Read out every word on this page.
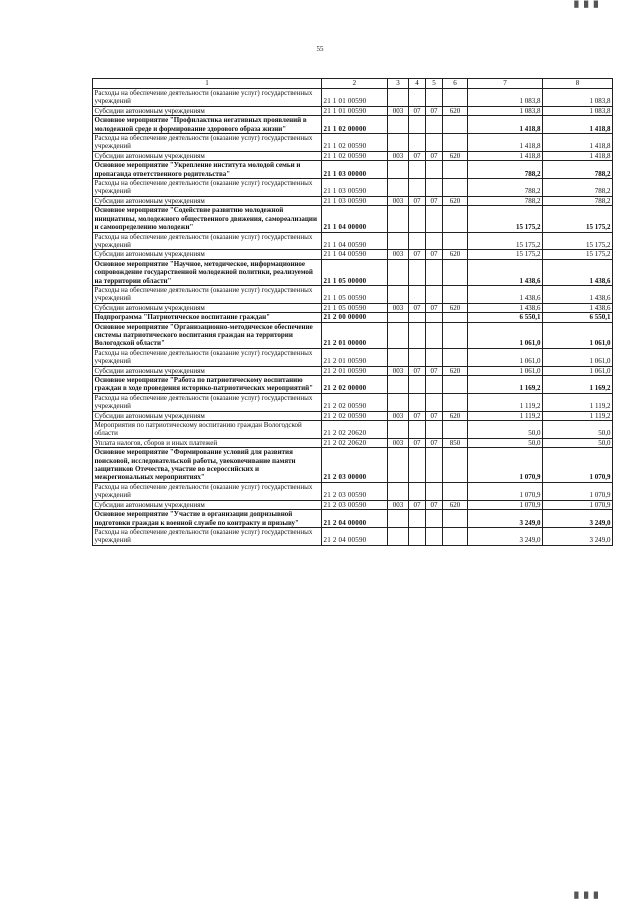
█ █ █
55
1	2	3	4	5	6	7	8
Расходы на обеспечение деятельности (оказание услуг) государственных учреждений	21 1 01 00590					1 083,8	1 083,8
Субсидии автономным учреждениям	21 1 01 00590	003	07	07	620	1 083,8	1 083,8
Основное мероприятие "Профилактика негативных проявлений в молодежной среде и формирование здорового образа жизни"	21 1 02 00000					1 418,8	1 418,8
Расходы на обеспечение деятельности (оказание услуг) государственных учреждений	21 1 02 00590					1 418,8	1 418,8
Субсидии автономным учреждениям	21 1 02 00590	003	07	07	620	1 418,8	1 418,8
Основное мероприятие "Укрепление института молодой семьи и пропаганда ответственного родительства"	21 1 03 00000					788,2	788,2
Расходы на обеспечение деятельности (оказание услуг) государственных учреждений	21 1 03 00590					788,2	788,2
Субсидии автономным учреждениям	21 1 03 00590	003	07	07	620	788,2	788,2
Основное мероприятие "Содействие развитию молодежной инициативы, молодежного общественного движения, самореализации и самоопределению молодежи"	21 1 04 00000					15 175,2	15 175,2
Расходы на обеспечение деятельности (оказание услуг) государственных учреждений	21 1 04 00590					15 175,2	15 175,2
Субсидии автономным учреждениям	21 1 04 00590	003	07	07	620	15 175,2	15 175,2
Основное мероприятие "Научное, методическое, информационное сопровождение государственной молодежной политики, реализуемой на территории области"	21 1 05 00000					1 438,6	1 438,6
Расходы на обеспечение деятельности (оказание услуг) государственных учреждений	21 1 05 00590					1 438,6	1 438,6
Субсидии автономным учреждениям	21 1 05 00590	003	07	07	620	1 438,6	1 438,6
Подпрограмма "Патриотическое воспитание граждан"	21 2 00 00000					6 550,1	6 550,1
Основное мероприятие "Организационно-методическое обеспечение системы патриотического воспитания граждан на территории Вологодской области"	21 2 01 00000					1 061,0	1 061,0
Расходы на обеспечение деятельности (оказание услуг) государственных учреждений	21 2 01 00590					1 061,0	1 061,0
Субсидии автономным учреждениям	21 2 01 00590	003	07	07	620	1 061,0	1 061,0
Основное мероприятие "Работа по патриотическому воспитанию граждан в ходе проведения историко-патриотических мероприятий"	21 2 02 00000					1 169,2	1 169,2
Расходы на обеспечение деятельности (оказание услуг) государственных учреждений	21 2 02 00590					1 119,2	1 119,2
Субсидии автономным учреждениям	21 2 02 00590	003	07	07	620	1 119,2	1 119,2
Мероприятия по патриотическому воспитанию граждан Вологодской области	21 2 02 20620					50,0	50,0
Уплата налогов, сборов и иных платежей	21 2 02 20620	003	07	07	850	50,0	50,0
Основное мероприятие "Формирование условий для развития поисковой, исследовательской работы, увековечивание памяти защитников Отечества, участие во всероссийских и межрегиональных мероприятиях"	21 2 03 00000					1 070,9	1 070,9
Расходы на обеспечение деятельности (оказание услуг) государственных учреждений	21 2 03 00590					1 070,9	1 070,9
Субсидии автономным учреждениям	21 2 03 00590	003	07	07	620	1 070,9	1 070,9
Основное мероприятие "Участие в организации допризывной подготовки граждан к военной службе по контракту и призыву"	21 2 04 00000					3 249,0	3 249,0
Расходы на обеспечение деятельности (оказание услуг) государственных учреждений	21 2 04 00590					3 249,0	3 249,0
█ █ █
